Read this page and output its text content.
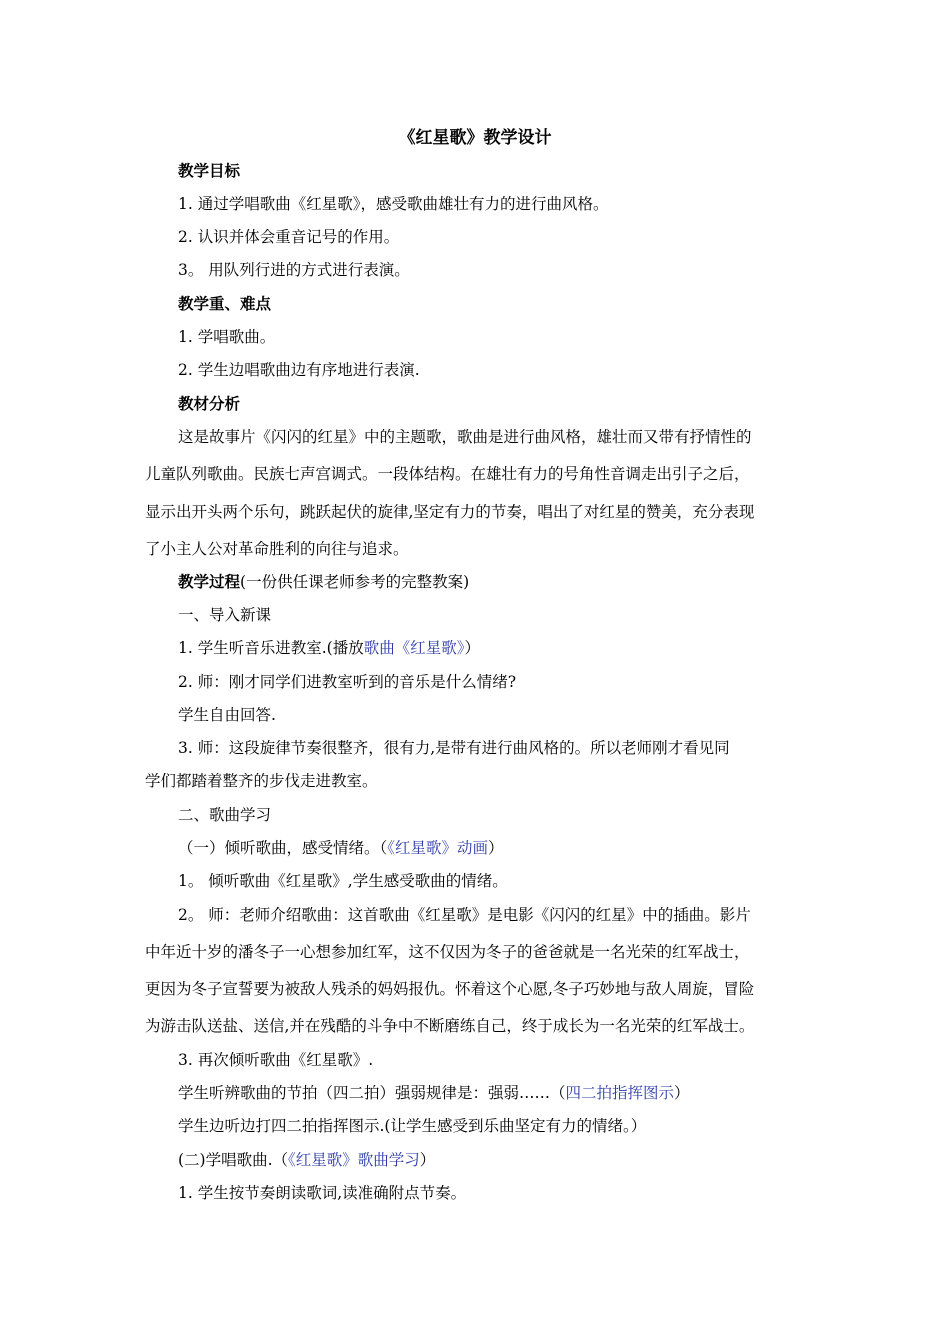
《红星歌》教学设计
教学目标
1. 通过学唱歌曲《红星歌》，感受歌曲雄壮有力的进行曲风格。
2. 认识并体会重音记号的作用。
3。 用队列行进的方式进行表演。
教学重、难点
1. 学唱歌曲。
2. 学生边唱歌曲边有序地进行表演.
教材分析
这是故事片《闪闪的红星》中的主题歌，歌曲是进行曲风格，雄壮而又带有抒情性的
儿童队列歌曲。民族七声宫调式。一段体结构。在雄壮有力的号角性音调走出引子之后，
显示出开头两个乐句，跳跃起伏的旋律,坚定有力的节奏，唱出了对红星的赞美，充分表现
了小主人公对革命胜利的向往与追求。
教学过程(一份供任课老师参考的完整教案)
一、导入新课
1. 学生听音乐进教室.(播放歌曲《红星歌》）
2. 师：刚才同学们进教室听到的音乐是什么情绪?
学生自由回答.
3. 师：这段旋律节奏很整齐，很有力,是带有进行曲风格的。所以老师刚才看见同
学们都踏着整齐的步伐走进教室。
二、歌曲学习
（一）倾听歌曲，感受情绪。（《红星歌》动画）
1。 倾听歌曲《红星歌》,学生感受歌曲的情绪。
2。 师：老师介绍歌曲：这首歌曲《红星歌》是电影《闪闪的红星》中的插曲。影片
中年近十岁的潘冬子一心想参加红军，这不仅因为冬子的爸爸就是一名光荣的红军战士，
更因为冬子宣誓要为被敌人残杀的妈妈报仇。怀着这个心愿,冬子巧妙地与敌人周旋，冒险
为游击队送盐、送信,并在残酷的斗争中不断磨练自己，终于成长为一名光荣的红军战士。
3. 再次倾听歌曲《红星歌》.
学生听辨歌曲的节拍（四二拍）强弱规律是：强弱……（四二拍指挥图示）
学生边听边打四二拍指挥图示.(让学生感受到乐曲坚定有力的情绪。）
(二)学唱歌曲.（《红星歌》歌曲学习）
1. 学生按节奏朗读歌词,读准确附点节奏。
